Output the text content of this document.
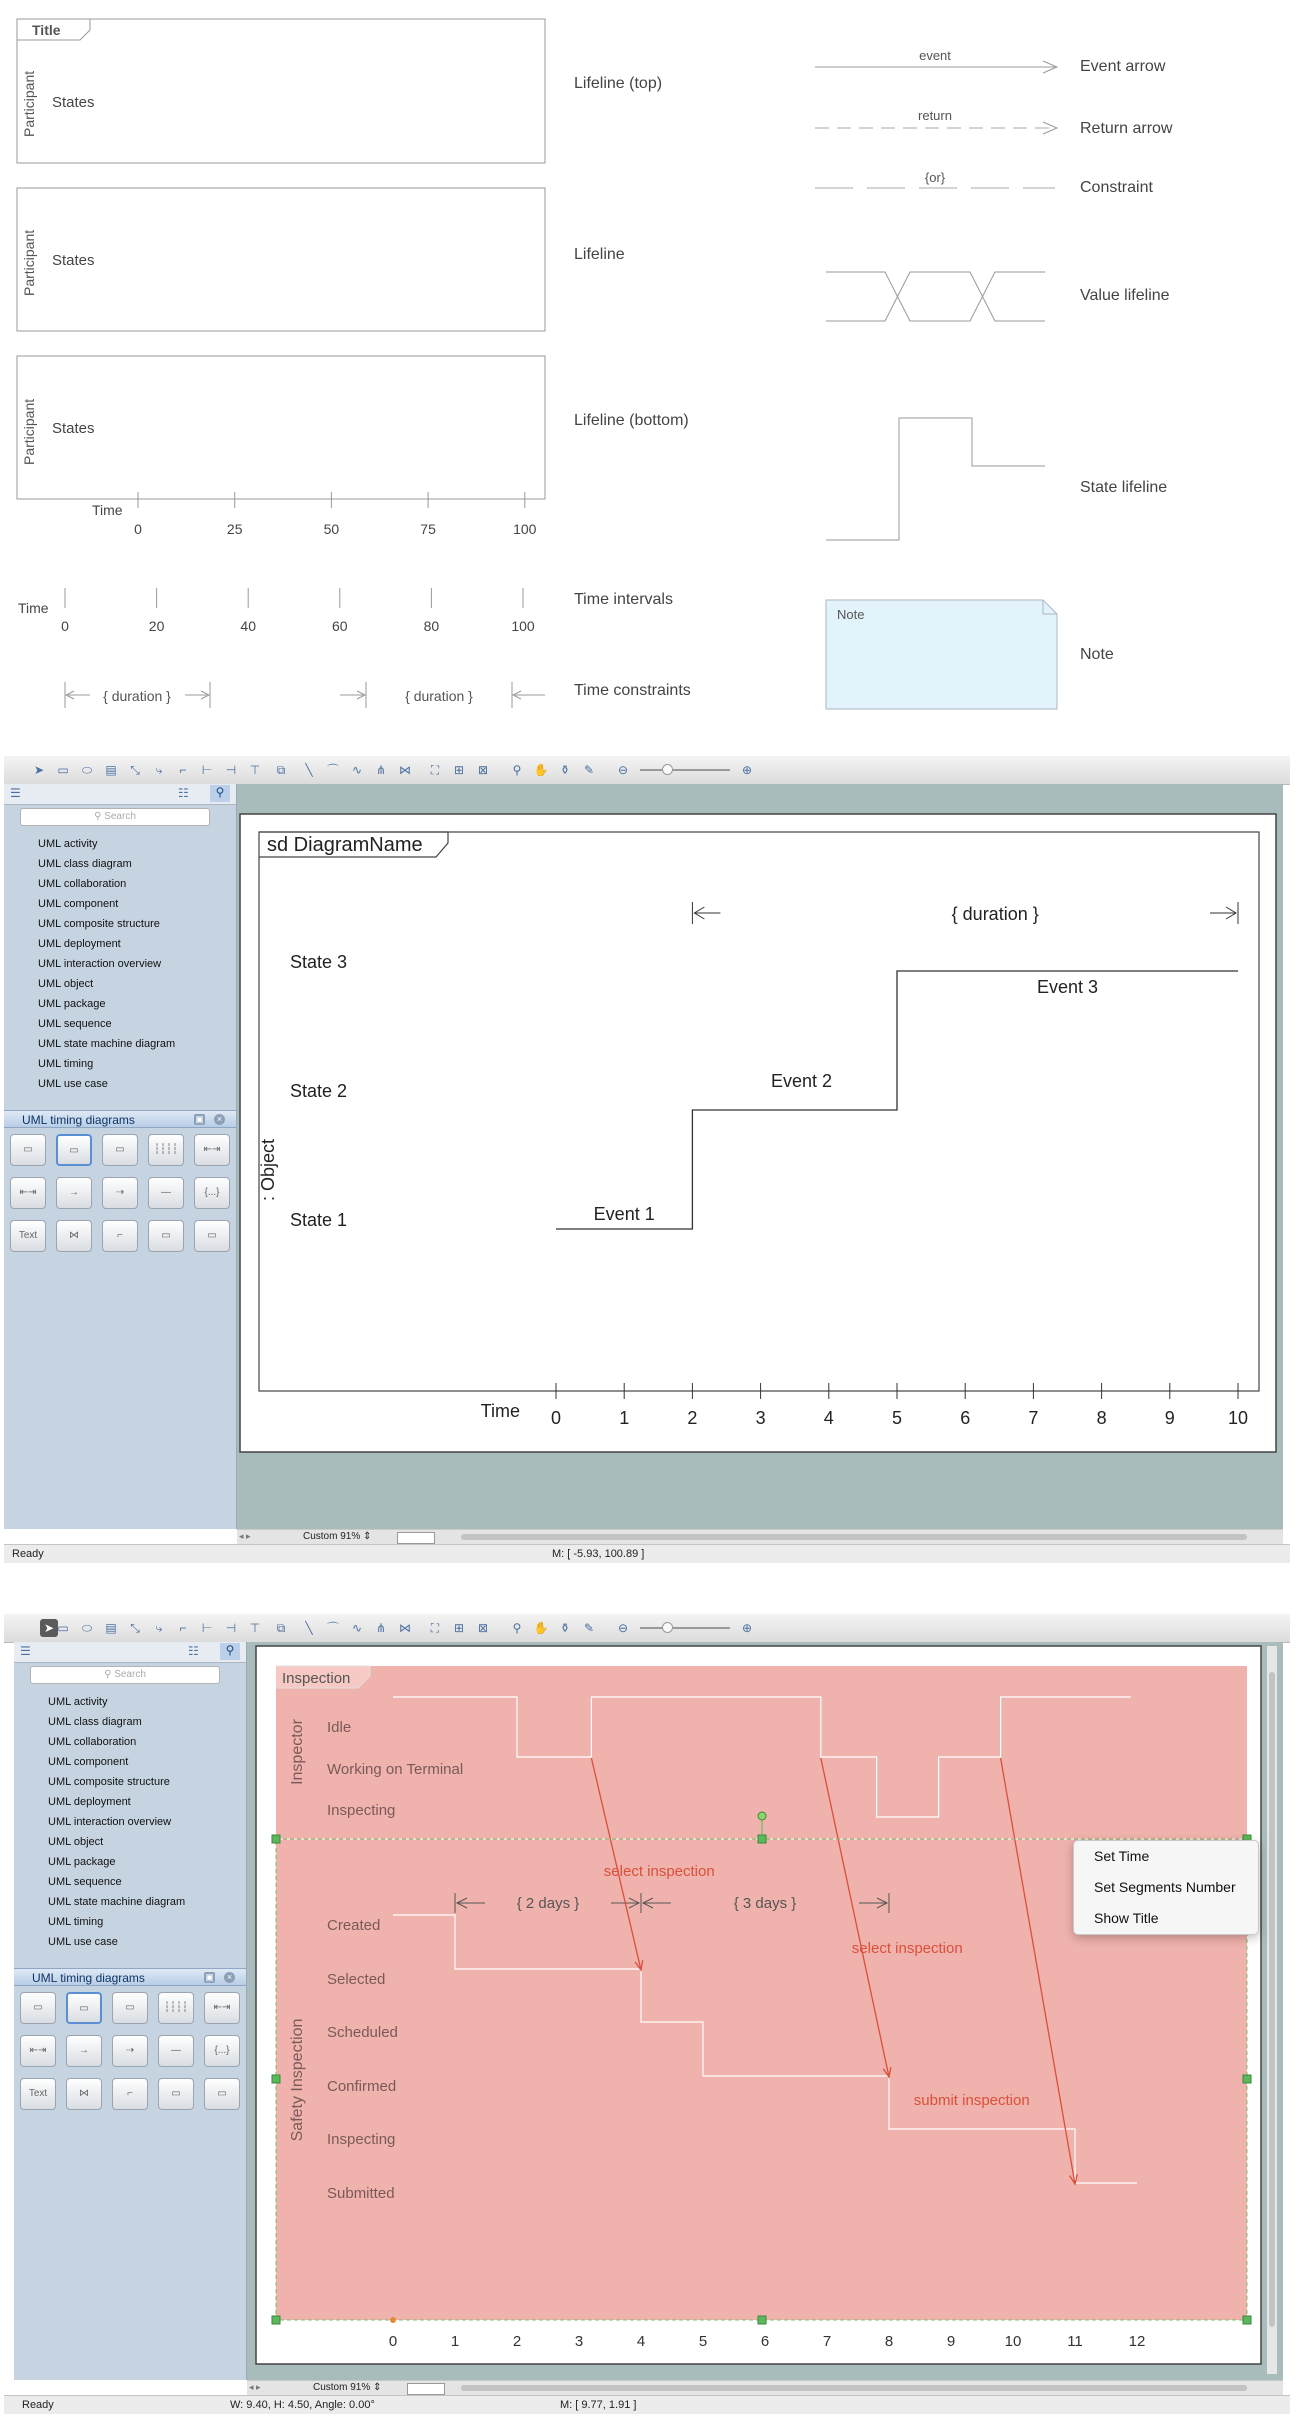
Title
Participant States
Participant States
Participant States
Time
0	25	50	75	100
Time
0	20	40	60	80	100
{ duration }	{ duration }
event
return
{or}
Note
Lifeline (top)
Lifeline
Lifeline (bottom)
Time intervals
Time constraints
Event arrow
Return arrow
Constraint
Value lifeline
State lifeline
Note
➤	▭	⬭	▤	⤡	⤷	⌐	⊢	⊣	⊤	⧉	╲	⌒	∿	⋔	⋈	⛶	⊞	⊠	⚲	✋ ⚱	✎	⊖	⊕
☰	☷	⚲
⚲ Search
UML activity
UML class diagram
UML collaboration
UML component
UML composite structure
UML deployment
UML interaction overview
UML object
UML package
UML sequence
UML state machine diagram
UML timing
UML use case
UML timing diagrams	▣	×
▭	▭	▭	┆┆┆┆	⇤⇥
⇤⇥	→	⇢	—	{...}
Text	⋈	⌐	▭	▭
sd DiagramName
: Object
State 3
State 2
State 1	Event 1
Event 2
Event 3
{ duration }
Time 0	1	2	3	4	5	6	7	8	9	10
◂ ▸	Custom 91% ⇕
Ready	M: [ -5.93, 100.89 ]
➤ ▭	⬭	▤	⤡	⤷	⌐	⊢	⊣	⊤	⧉	╲	⌒	∿	⋔	⋈	⛶	⊞	⊠	⚲	✋ ⚱	✎	⊖	⊕
☰	☷	⚲
⚲ Search
UML activity
UML class diagram
UML collaboration
UML component
UML composite structure
UML deployment
UML interaction overview
UML object
UML package
UML sequence
UML state machine diagram
UML timing
UML use case
UML timing diagrams	▣	×
▭	▭	▭	┆┆┆┆	⇤⇥
⇤⇥	→	⇢	—	{...}
Text	⋈	⌐	▭	▭
Inspection
Inspector
Safety Inspection
Idle
Working on Terminal
Inspecting
Created
Selected
Scheduled
Confirmed
Inspecting
Submitted
{ 2 days }	{ 3 days }
select inspection
select inspection
submit inspection
0	1	2	3	4	5	6	7	8	9	10	11	12
Set Time
Set Segments Number
Show Title
◂ ▸	Custom 91% ⇕
Ready	W: 9.40, H: 4.50, Angle: 0.00°	M: [ 9.77, 1.91 ]
